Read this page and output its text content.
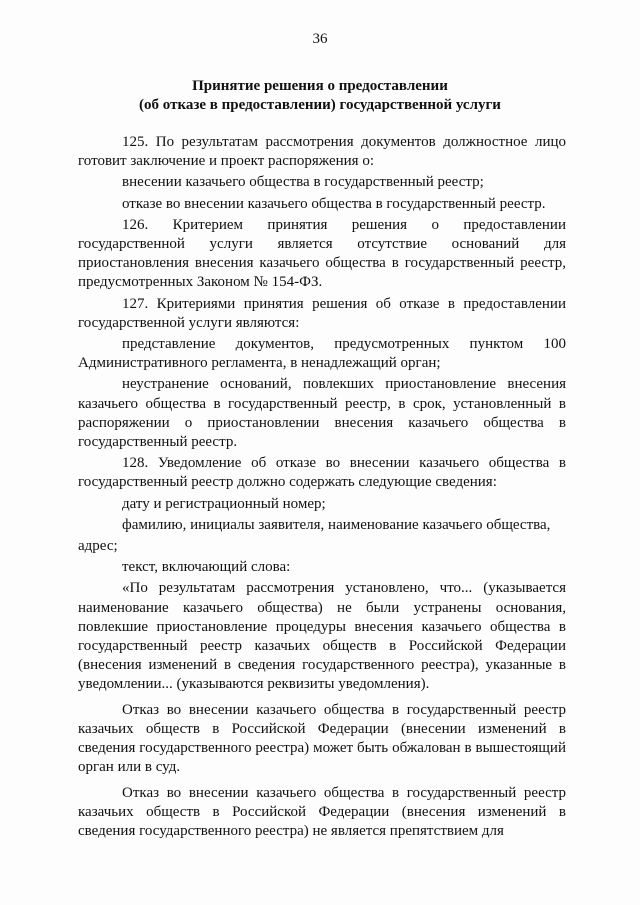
36
Принятие решения о предоставлении
(об отказе в предоставлении) государственной услуги

125. По результатам рассмотрения документов должностное лицо готовит заключение и проект распоряжения о:

внесении казачьего общества в государственный реестр;

отказе во внесении казачьего общества в государственный реестр.

126. Критерием принятия решения о предоставлении государственной услуги является отсутствие оснований для приостановления внесения казачьего общества в государственный реестр, предусмотренных Законом № 154-ФЗ.

127. Критериями принятия решения об отказе в предоставлении государственной услуги являются:

представление документов, предусмотренных пунктом 100 Административного регламента, в ненадлежащий орган;

неустранение оснований, повлекших приостановление внесения казачьего общества в государственный реестр, в срок, установленный в распоряжении о приостановлении внесения казачьего общества в государственный реестр.

128. Уведомление об отказе во внесении казачьего общества в государственный реестр должно содержать следующие сведения:

дату и регистрационный номер;

фамилию, инициалы заявителя, наименование казачьего общества,

адрес;

текст, включающий слова:

«По результатам рассмотрения установлено, что... (указывается наименование казачьего общества) не были устранены основания, повлекшие приостановление процедуры внесения казачьего общества в государственный реестр казачьих обществ в Российской Федерации (внесения изменений в сведения государственного реестра), указанные в уведомлении... (указываются реквизиты уведомления).

Отказ во внесении казачьего общества в государственный реестр казачьих обществ в Российской Федерации (внесении изменений в сведения государственного реестра) может быть обжалован в вышестоящий орган или в суд.

Отказ во внесении казачьего общества в государственный реестр казачьих обществ в Российской Федерации (внесения изменений в сведения государственного реестра) не является препятствием для
